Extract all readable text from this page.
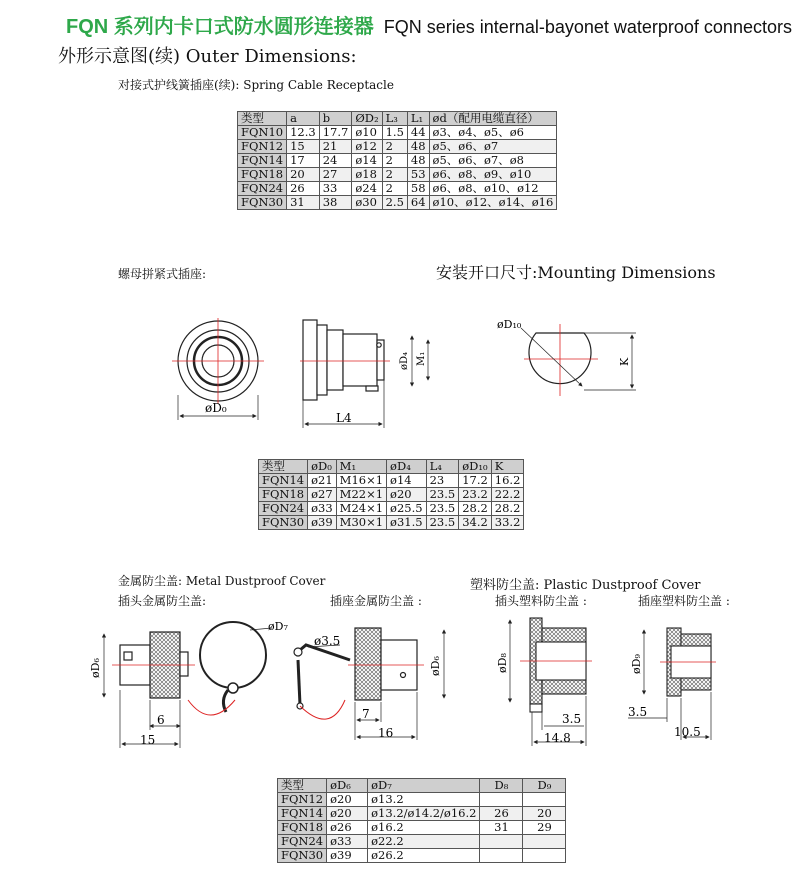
FQN 系列内卡口式防水圆形连接器 FQN series internal-bayonet waterproof connectors
外形示意图(续) Outer Dimensions:
对接式护线簧插座(续): Spring Cable Receptacle
类型	a	b	ØD₂	L₃	L₁	ød（配用电缆直径）
FQN10	12.3	17.7	ø10	1.5	44	ø3、ø4、ø5、ø6
FQN12	15	21	ø12	2	48	ø5、ø6、ø7
FQN14	17	24	ø14	2	48	ø5、ø6、ø7、ø8
FQN18	20	27	ø18	2	53	ø6、ø8、ø9、ø10
FQN24	26	33	ø24	2	58	ø6、ø8、ø10、ø12
FQN30	31	38	ø30	2.5	64	ø10、ø12、ø14、ø16
螺母拼紧式插座:	安装开口尺寸:Mounting Dimensions
类型	øD₀	M₁	øD₄	L₄	øD₁₀	K
FQN14	ø21	M16×1	ø14	23	17.2	16.2
FQN18	ø27	M22×1	ø20	23.5	23.2	22.2
FQN24	ø33	M24×1	ø25.5	23.5	28.2	28.2
FQN30	ø39	M30×1	ø31.5	23.5	34.2	33.2
金属防尘盖: Metal Dustproof Cover
插头金属防尘盖:	插座金属防尘盖 :
塑料防尘盖: Plastic Dustproof Cover
插头塑料防尘盖 :	插座塑料防尘盖 :
类型	øD₆	øD₇	D₈	D₉
FQN12	ø20	ø13.2		
FQN14	ø20	ø13.2/ø14.2/ø16.2	26	20
FQN18	ø26	ø16.2	31	29
FQN24	ø33	ø22.2		
FQN30	ø39	ø26.2		
øD₀
L4
øD₄ M₁
øD₁₀
K
øD₆
6
15
øD₇
ø3.5
7
16
øD₆	øD₈
3.5
14.8
øD₉
3.5
10.5
